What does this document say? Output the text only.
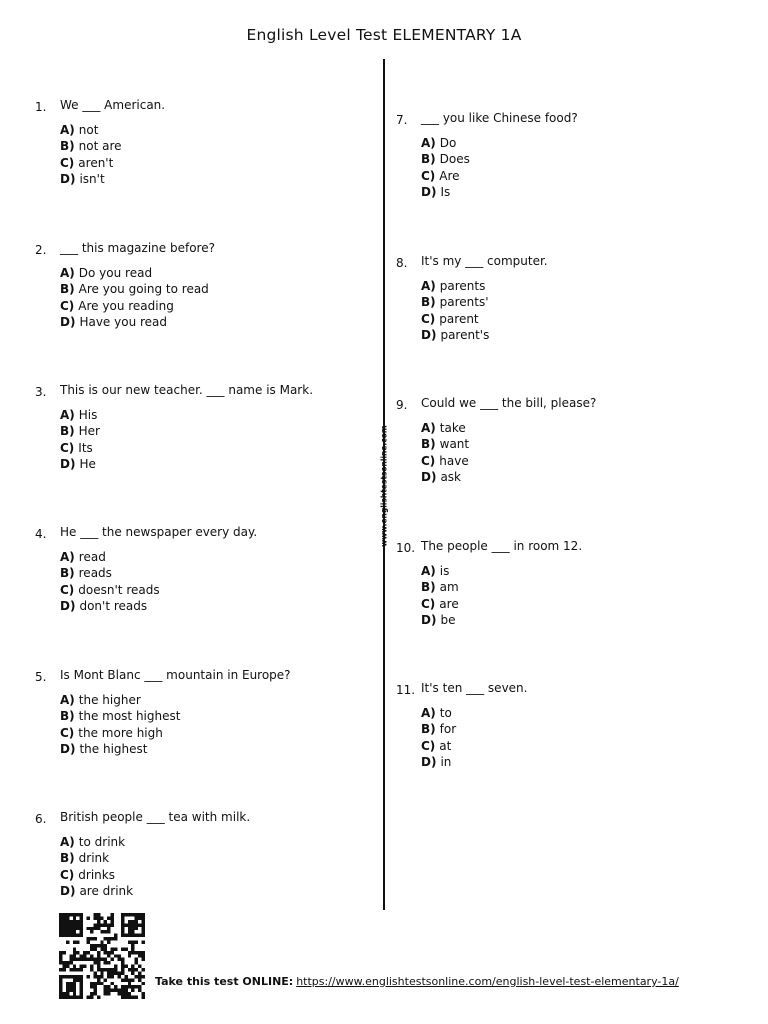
English Level Test ELEMENTARY 1A
www.englishtestsonline.com
1. We ___ American.
A) not
B) not are
C) aren't
D) isn't
2. ___ this magazine before?
A) Do you read
B) Are you going to read
C) Are you reading
D) Have you read
3. This is our new teacher. ___ name is Mark.
A) His
B) Her
C) Its
D) He
4. He ___ the newspaper every day.
A) read
B) reads
C) doesn't reads
D) don't reads
5. Is Mont Blanc ___ mountain in Europe?
A) the higher
B) the most highest
C) the more high
D) the highest
6. British people ___ tea with milk.
A) to drink
B) drink
C) drinks
D) are drink
7. ___ you like Chinese food?
A) Do
B) Does
C) Are
D) Is
8. It's my ___ computer.
A) parents
B) parents'
C) parent
D) parent's
9. Could we ___ the bill, please?
A) take
B) want
C) have
D) ask
10. The people ___ in room 12.
A) is
B) am
C) are
D) be
11. It's ten ___ seven.
A) to
B) for
C) at
D) in
Take this test ONLINE: https://www.englishtestsonline.com/english-level-test-elementary-1a/
